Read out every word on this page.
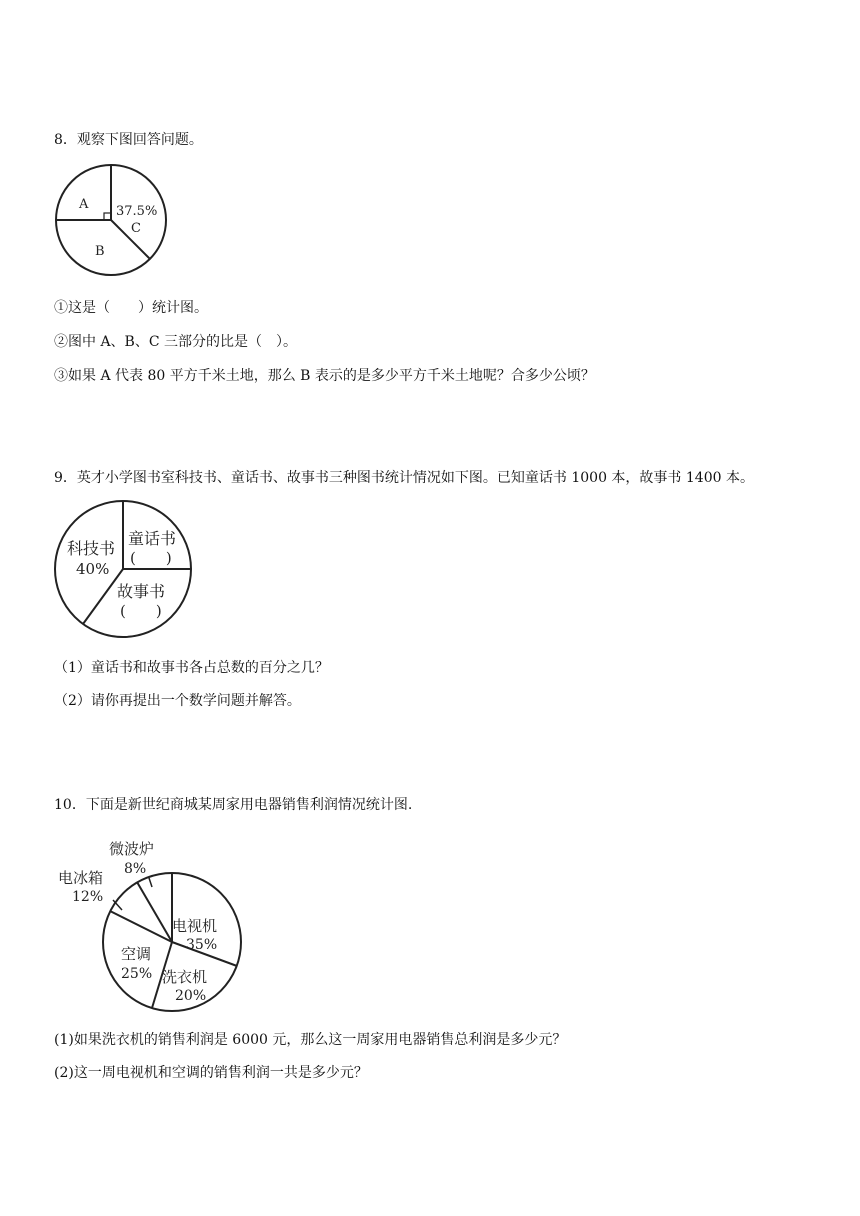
8．观察下图回答问题。
A
B
37.5%
C
①这是（　　）统计图。
②图中 A、B、C 三部分的比是（　）。
③如果 A 代表 80 平方千米土地，那么 B 表示的是多少平方千米土地呢？合多少公顷？
9．英才小学图书室科技书、童话书、故事书三种图书统计情况如下图。已知童话书 1000 本，故事书 1400 本。
科技书
40%
童话书
(　　)
故事书
(　　)
（1）童话书和故事书各占总数的百分之几？
（2）请你再提出一个数学问题并解答。
10．下面是新世纪商城某周家用电器销售利润情况统计图.
微波炉
8%
电冰箱
12%
电视机
35%
空调
25% 洗衣机
20%
(1)如果洗衣机的销售利润是 6000 元，那么这一周家用电器销售总利润是多少元？
(2)这一周电视机和空调的销售利润一共是多少元？
